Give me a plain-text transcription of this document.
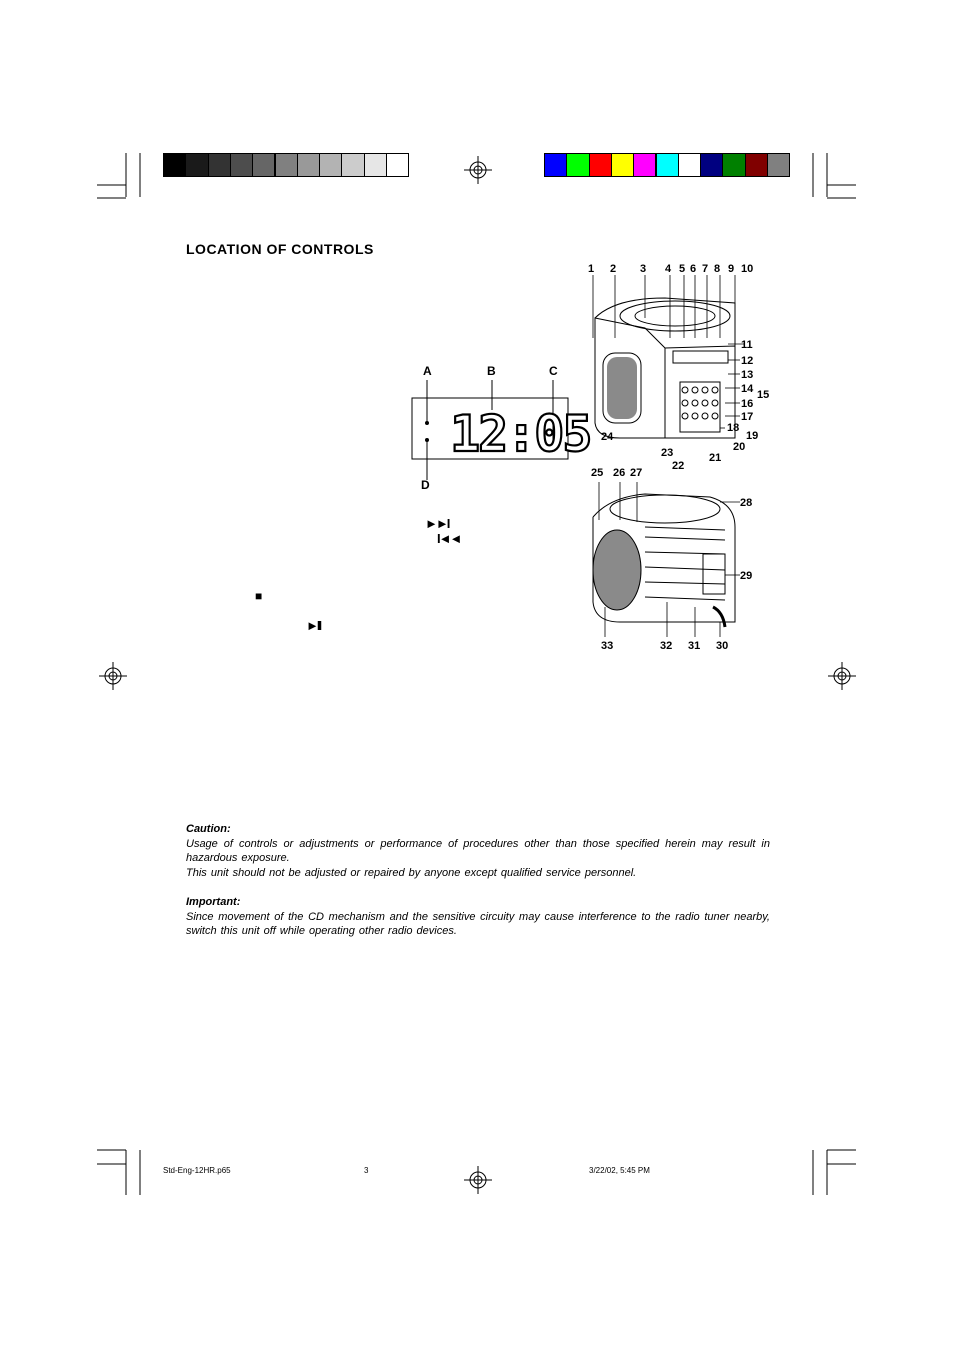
LOCATION OF CONTROLS
A	B	C
D
12:05
►►I
I◄◄
■
►II
1 2 3 4 5 6 7 8 9 10
11
12
13
14 15
16
17
18
19
20
21
22
23
24
25 26 27
28
29
30
31
32
33
Caution:
Usage of controls or adjustments or performance of procedures other than those specified herein may result in hazardous exposure.
This unit should not be adjusted or repaired by anyone except qualified service personnel.
Important:
Since movement of the CD mechanism and the sensitive circuity may cause interference to the radio tuner nearby, switch this unit off while operating other radio devices.
Std-Eng-12HR.p65	3	3/22/02, 5:45 PM
